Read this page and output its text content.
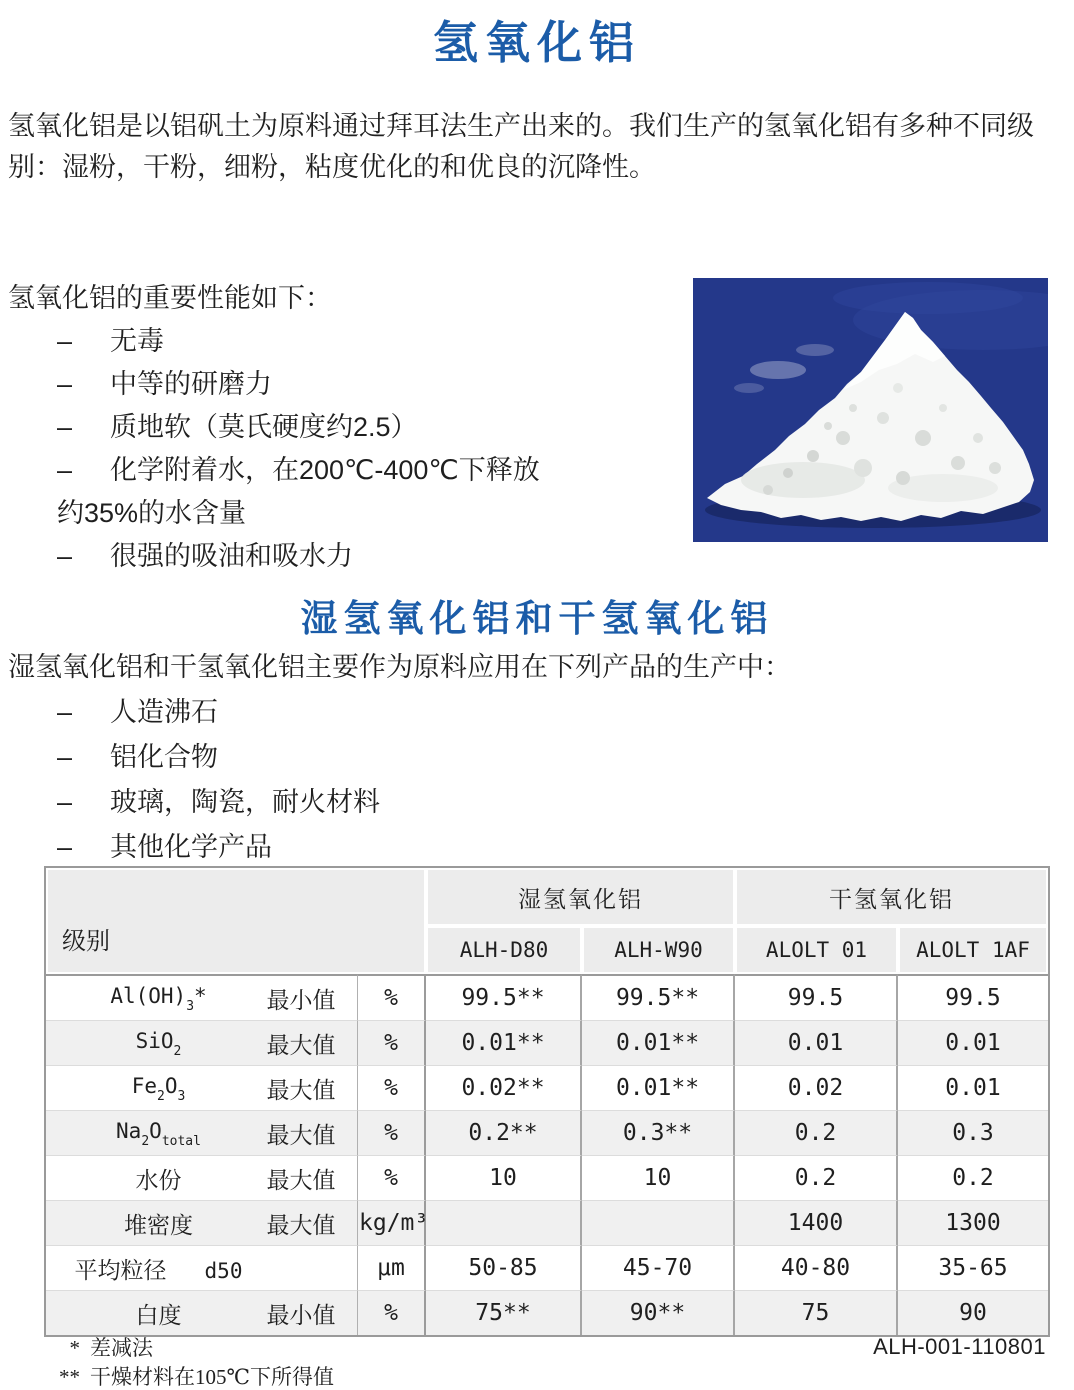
氢氧化铝

氢氧化铝是以铝矾土为原料通过拜耳法生产出来的。我们生产的氢氧化铝有多种不同级别：湿粉，干粉，细粉，粘度优化的和优良的沉降性。

氢氧化铝的重要性能如下：
–	无毒
–	中等的研磨力
–	质地软（莫氏硬度约2.5）
–	化学附着水，在200℃-400℃下释放
约35%的水含量
–	很强的吸油和吸水力
湿氢氧化铝和干氢氧化铝

湿氢氧化铝和干氢氧化铝主要作为原料应用在下列产品的生产中：

–	人造沸石
–	铝化合物
–	玻璃，陶瓷，耐火材料
–	其他化学产品
级别			湿氢氧化铝		干氢氧化铝	
			ALH-D80	ALH-W90	ALOLT 01	ALOLT 1AF
$Al(OH)_3*$	最小值	%	99.5**	99.5**	99.5	99.5
SiO$_2$	最大值	%	0.01**	0.01**	0.01	0.01
$Fe_2O_3$	最大值	%	0.02**	0.01**	0.02	0.01
$Na_2O_{total}$	最大值	%	0.2**	0.3**	0.2	0.3
水份	最大值	%	10	10	0.2	0.2
堆密度	最大值	kg/m³			1400	1300
平均粒径 d50		μm	50-85	45-70	40-80	35-65
白度	最小值	%	75**	90**	75	90
* 差减法
** 干燥材料在105℃下所得值
ALH-001-110801
